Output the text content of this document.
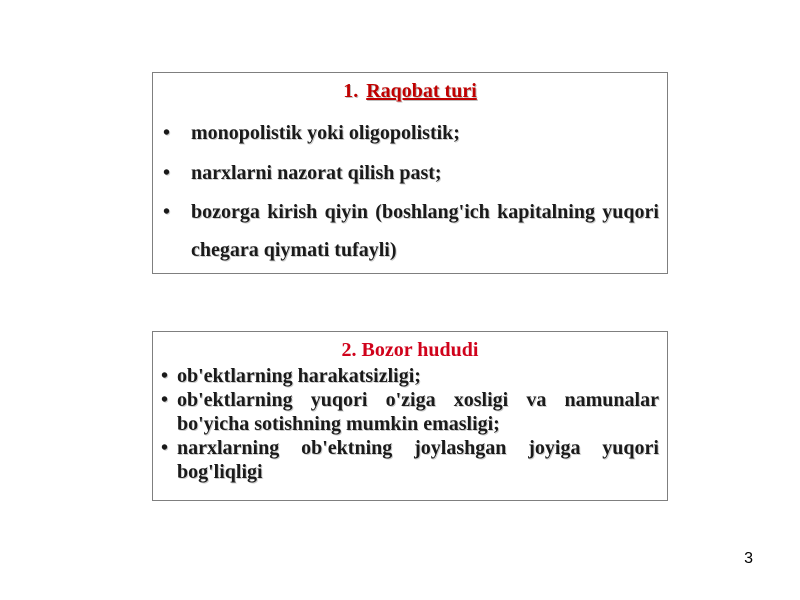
1. Raqobat turi
• monopolistik yoki oligopolistik;
• narxlarni nazorat qilish past;
• bozorga kirish qiyin (boshlang'ich kapitalning yuqori chegara qiymati tufayli)
2. Bozor hududi
• ob'ektlarning harakatsizligi;
• ob'ektlarning yuqori o'ziga xosligi va namunalar bo'yicha sotishning mumkin emasligi;
• narxlarning ob'ektning joylashgan joyiga yuqori bog'liqligi
3
